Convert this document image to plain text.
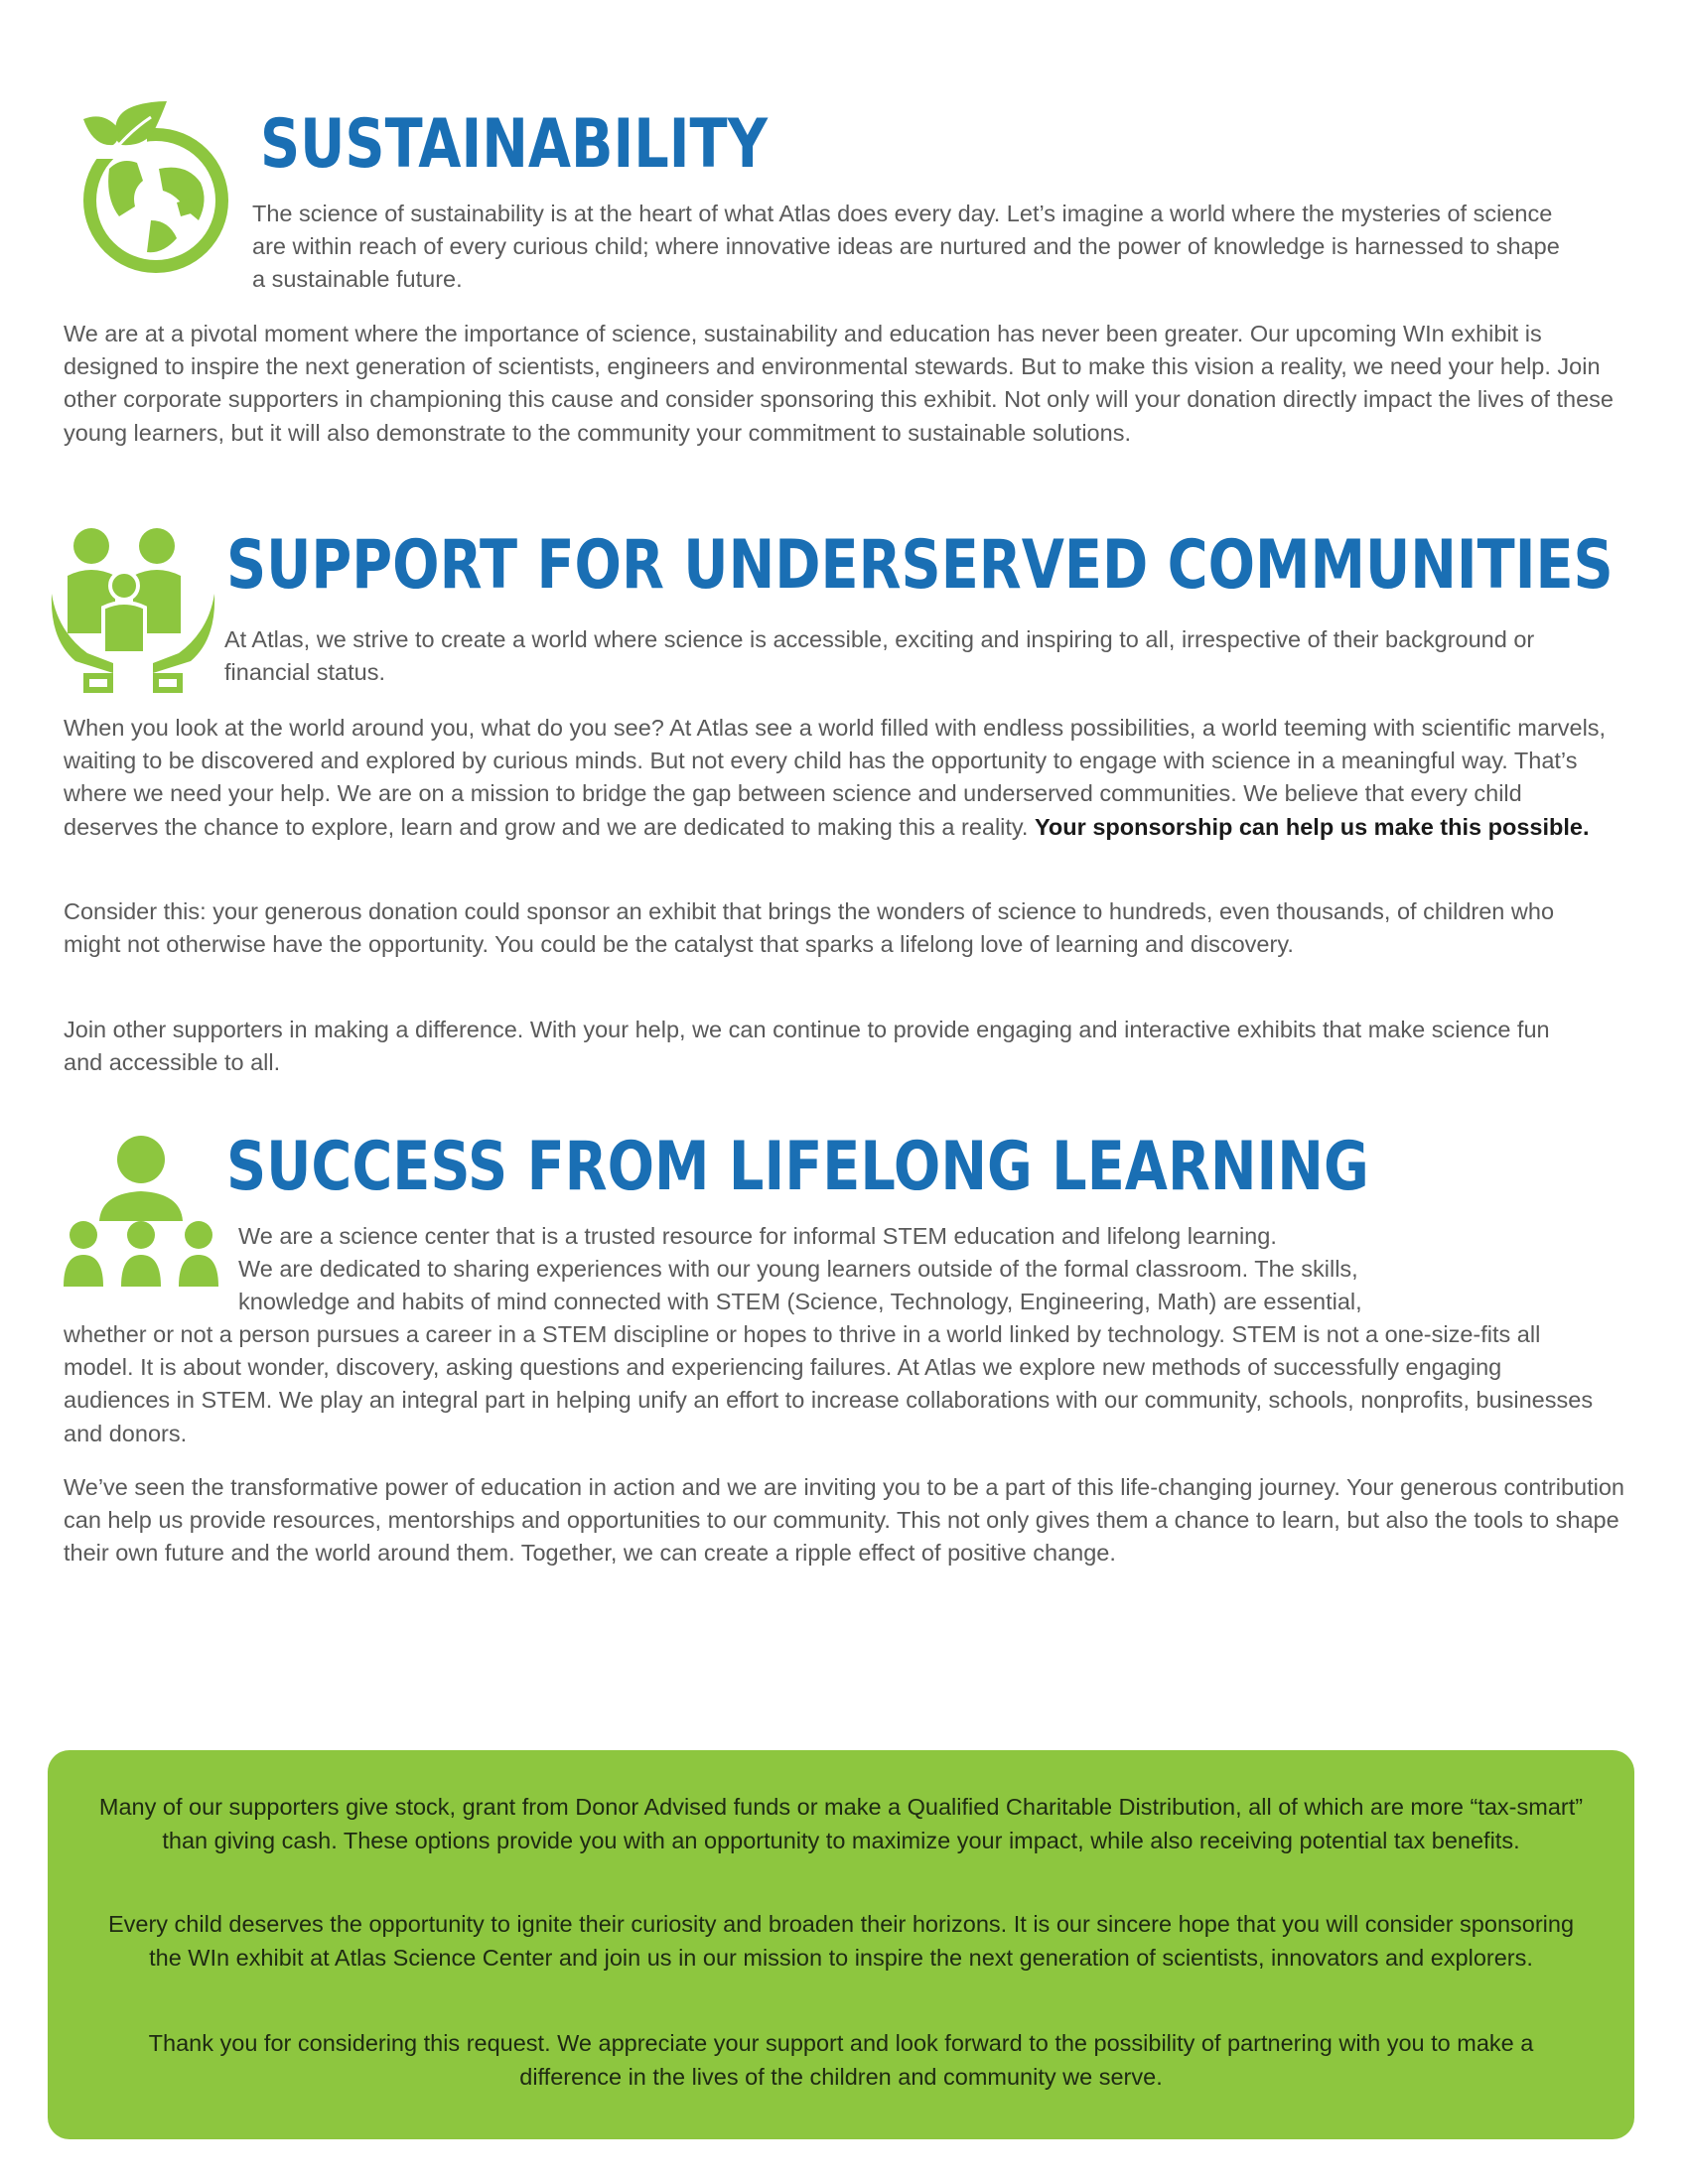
SUSTAINABILITY

The science of sustainability is at the heart of what Atlas does every day. Let’s imagine a world where the mysteries of science are within reach of every curious child; where innovative ideas are nurtured and the power of knowledge is harnessed to shape a sustainable future.

We are at a pivotal moment where the importance of science, sustainability and education has never been greater. Our upcoming WIn exhibit is designed to inspire the next generation of scientists, engineers and environmental stewards. But to make this vision a reality, we need your help. Join other corporate supporters in championing this cause and consider sponsoring this exhibit. Not only will your donation directly impact the lives of these young learners, but it will also demonstrate to the community your commitment to sustainable solutions.

SUPPORT FOR UNDERSERVED COMMUNITIES

At Atlas, we strive to create a world where science is accessible, exciting and inspiring to all, irrespective of their background or financial status.

When you look at the world around you, what do you see? At Atlas see a world filled with endless possibilities, a world teeming with scientific marvels, waiting to be discovered and explored by curious minds. But not every child has the opportunity to engage with science in a meaningful way. That’s where we need your help. We are on a mission to bridge the gap between science and underserved communities. We believe that every child deserves the chance to explore, learn and grow and we are dedicated to making this a reality. Your sponsorship can help us make this possible.

Consider this: your generous donation could sponsor an exhibit that brings the wonders of science to hundreds, even thousands, of children who might not otherwise have the opportunity. You could be the catalyst that sparks a lifelong love of learning and discovery.

Join other supporters in making a difference. With your help, we can continue to provide engaging and interactive exhibits that make science fun and accessible to all.

SUCCESS FROM LIFELONG LEARNING

We are a science center that is a trusted resource for informal STEM education and lifelong learning.

We are dedicated to sharing experiences with our young learners outside of the formal classroom. The skills,

knowledge and habits of mind connected with STEM (Science, Technology, Engineering, Math) are essential,

whether or not a person pursues a career in a STEM discipline or hopes to thrive in a world linked by technology. STEM is not a one-size-fits all model. It is about wonder, discovery, asking questions and experiencing failures. At Atlas we explore new methods of successfully engaging audiences in STEM. We play an integral part in helping unify an effort to increase collaborations with our community, schools, nonprofits, businesses and donors.

We’ve seen the transformative power of education in action and we are inviting you to be a part of this life-changing journey. Your generous contribution can help us provide resources, mentorships and opportunities to our community. This not only gives them a chance to learn, but also the tools to shape their own future and the world around them. Together, we can create a ripple effect of positive change.

Many of our supporters give stock, grant from Donor Advised funds or make a Qualified Charitable Distribution, all of which are more “tax-smart” than giving cash. These options provide you with an opportunity to maximize your impact, while also receiving potential tax benefits.

Every child deserves the opportunity to ignite their curiosity and broaden their horizons. It is our sincere hope that you will consider sponsoring the WIn exhibit at Atlas Science Center and join us in our mission to inspire the next generation of scientists, innovators and explorers.

Thank you for considering this request. We appreciate your support and look forward to the possibility of partnering with you to make a difference in the lives of the children and community we serve.
